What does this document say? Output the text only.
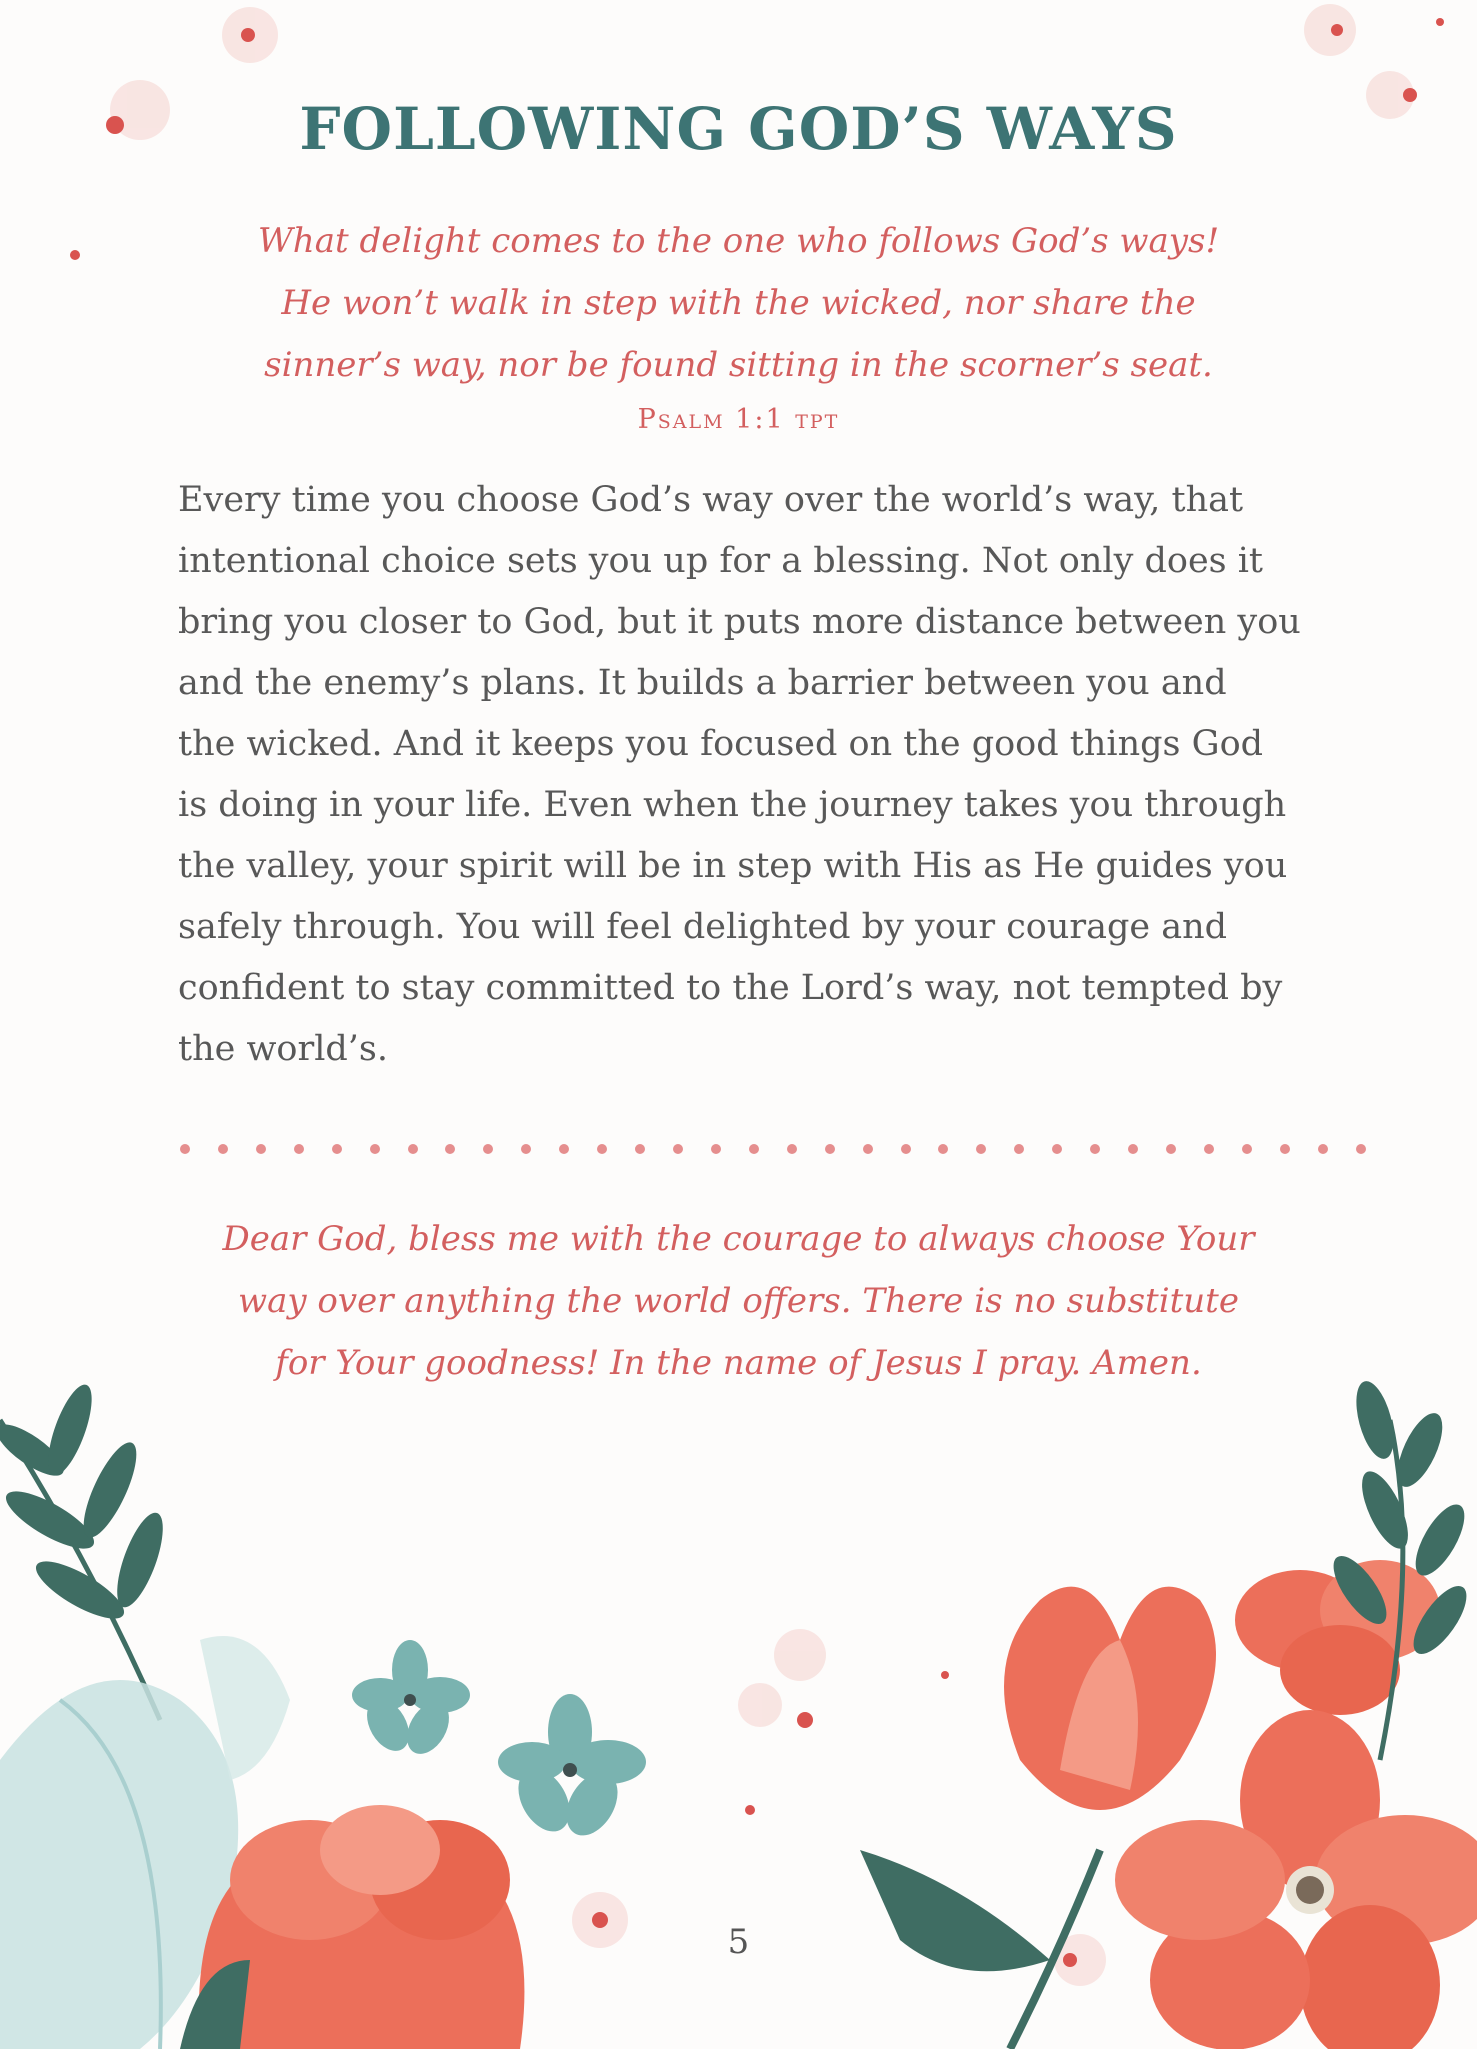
FOLLOWING GOD’S WAYS
What delight comes to the one who follows God’s ways!
He won’t walk in step with the wicked, nor share the
sinner’s way, nor be found sitting in the scorner’s seat.
Psalm 1:1 tpt
Every time you choose God’s way over the world’s way, that
intentional choice sets you up for a blessing. Not only does it
bring you closer to God, but it puts more distance between you
and the enemy’s plans. It builds a barrier between you and
the wicked. And it keeps you focused on the good things God
is doing in your life. Even when the journey takes you through
the valley, your spirit will be in step with His as He guides you
safely through. You will feel delighted by your courage and
confident to stay committed to the Lord’s way, not tempted by
the world’s.
Dear God, bless me with the courage to always choose Your
way over anything the world offers. There is no substitute
for Your goodness! In the name of Jesus I pray. Amen.
5
